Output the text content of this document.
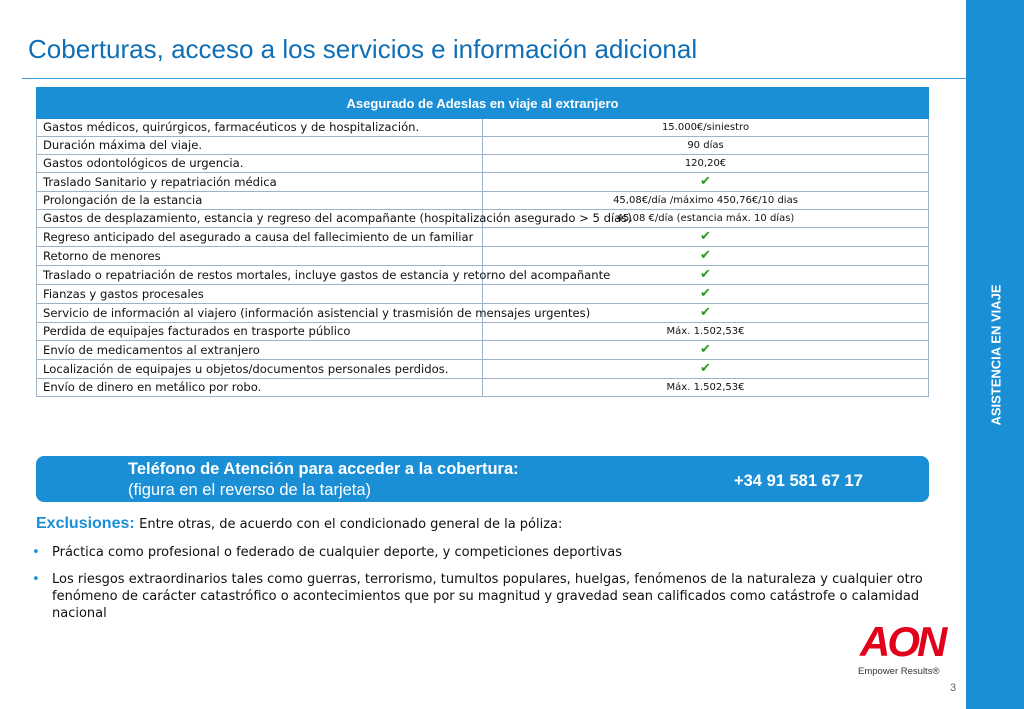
Coberturas, acceso a los servicios e información adicional
ASISTENCIA EN VIAJE
Asegurado de Adeslas en viaje al extranjero	
Gastos médicos, quirúrgicos, farmacéuticos y de hospitalización.	15.000€/siniestro
Duración máxima del viaje.	90 días
Gastos odontológicos de urgencia.	120,20€
Traslado Sanitario y repatriación médica	✔
Prolongación de la estancia	45,08€/día /máximo 450,76€/10 dias
Gastos de desplazamiento, estancia y regreso del acompañante (hospitalización asegurado > 5 días)	45,08 €/día (estancia máx. 10 días)
Regreso anticipado del asegurado a causa del fallecimiento de un familiar	✔
Retorno de menores	✔
Traslado o repatriación de restos mortales, incluye gastos de estancia y retorno del acompañante	✔
Fianzas y gastos procesales	✔
Servicio de información al viajero (información asistencial y trasmisión de mensajes urgentes)	✔
Perdida de equipajes facturados en trasporte público	Máx. 1.502,53€
Envío de medicamentos al extranjero	✔
Localización de equipajes u objetos/documentos personales perdidos.	✔
Envío de dinero en metálico por robo.	Máx. 1.502,53€
Teléfono de Atención para acceder a la cobertura:
(figura en el reverso de la tarjeta)	+34 91 581 67 17
Exclusiones: Entre otras, de acuerdo con el condicionado general de la póliza:
• Práctica como profesional o federado de cualquier deporte, y competiciones deportivas
• Los riesgos extraordinarios tales como guerras, terrorismo, tumultos populares, huelgas, fenómenos de la naturaleza y cualquier otro fenómeno de carácter catastrófico o acontecimientos que por su magnitud y gravedad sean calificados como catástrofe o calamidad nacional
AON
Empower Results®
3
